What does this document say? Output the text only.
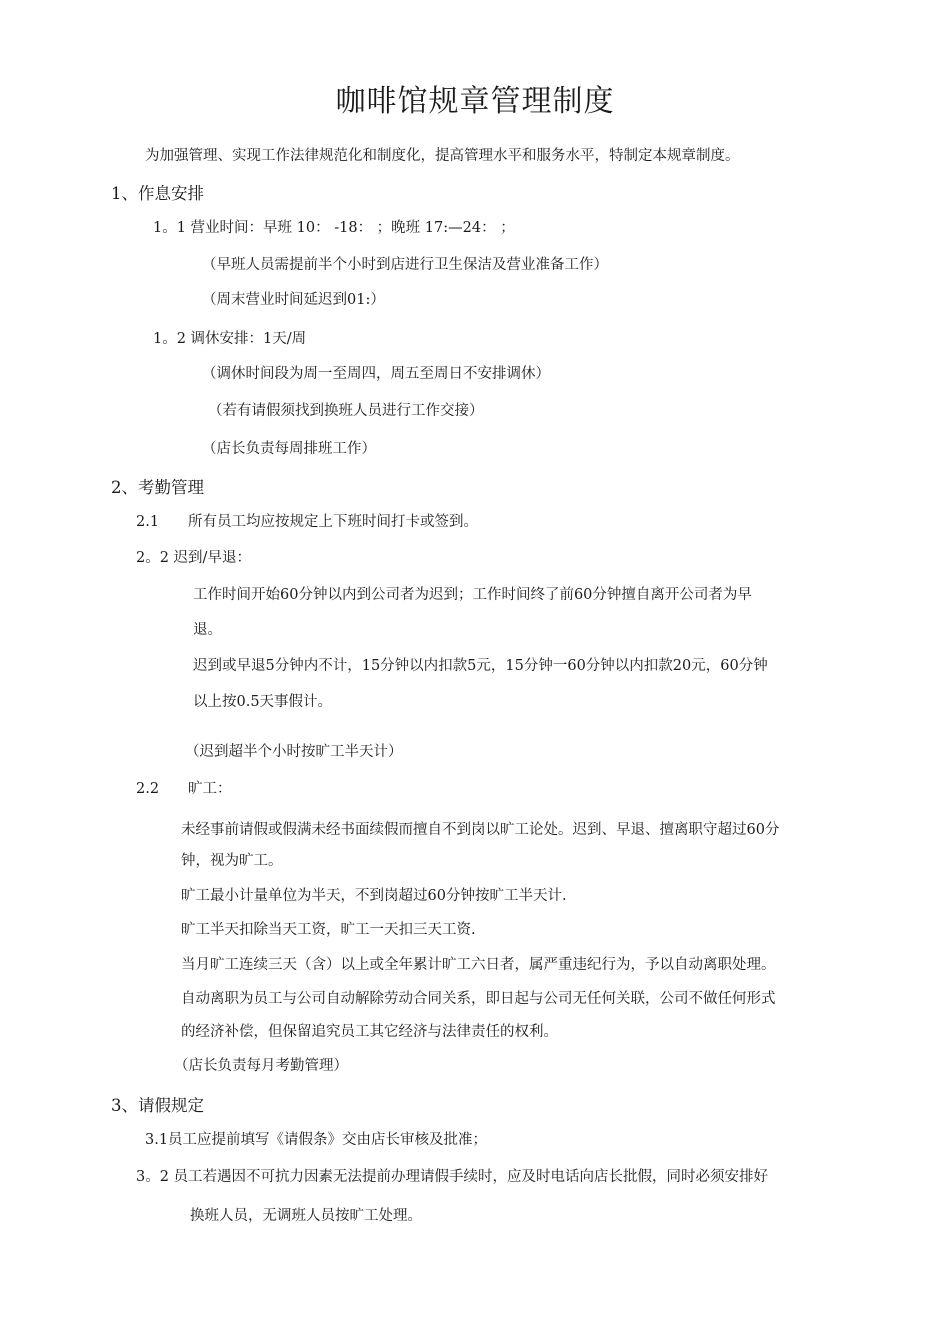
咖啡馆规章管理制度
为加强管理、实现工作法律规范化和制度化，提高管理水平和服务水平，特制定本规章制度。
1、作息安排
1。1 营业时间：早班 10： -18： ；晚班 17:—24： ；
（早班人员需提前半个小时到店进行卫生保洁及营业准备工作）
（周末营业时间延迟到01:）
1。2 调休安排：1天/周
（调休时间段为周一至周四，周五至周日不安排调休）
（若有请假须找到换班人员进行工作交接）
（店长负责每周排班工作）
2、考勤管理
2.1　　所有员工均应按规定上下班时间打卡或签到。
2。2 迟到/早退：
工作时间开始60分钟以内到公司者为迟到；工作时间终了前60分钟擅自离开公司者为早
退。
迟到或早退5分钟内不计，15分钟以内扣款5元，15分钟一60分钟以内扣款20元，60分钟
以上按0.5天事假计。
（迟到超半个小时按旷工半天计）
2.2　　旷工：
未经事前请假或假满未经书面续假而擅自不到岗以旷工论处。迟到、早退、擅离职守超过60分
钟，视为旷工。
旷工最小计量单位为半天，不到岗超过60分钟按旷工半天计.
旷工半天扣除当天工资，旷工一天扣三天工资.
当月旷工连续三天（含）以上或全年累计旷工六日者，属严重违纪行为，予以自动离职处理。
自动离职为员工与公司自动解除劳动合同关系，即日起与公司无任何关联，公司不做任何形式
的经济补偿，但保留追究员工其它经济与法律责任的权利。
（店长负责每月考勤管理）
3、请假规定
3.1员工应提前填写《请假条》交由店长审核及批准；
3。2 员工若遇因不可抗力因素无法提前办理请假手续时，应及时电话向店长批假，同时必须安排好
换班人员，无调班人员按旷工处理。
